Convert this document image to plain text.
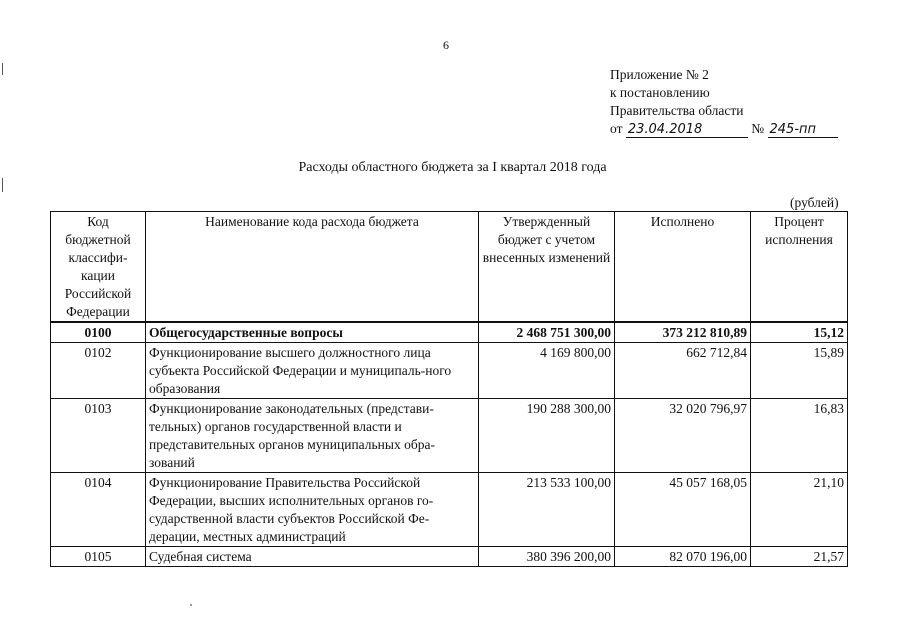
6
Приложение № 2
к постановлению
Правительства области
от 23.04.2018	№ 245-пп
Расходы областного бюджета за I квартал 2018 года
(рублей)
Код бюджетной классифи-кации Российской Федерации	Наименование кода расхода бюджета	Утвержденный бюджет с учетом внесенных изменений	Исполнено	Процент исполнения
0100	Общегосударственные вопросы	2 468 751 300,00	373 212 810,89	15,12
0102	Функционирование высшего должностного лица субъекта Российской Федерации и муниципаль-ного образования	4 169 800,00	662 712,84	15,89
0103	Функционирование законодательных (представи-тельных) органов государственной власти и представительных органов муниципальных обра-зований	190 288 300,00	32 020 796,97	16,83
0104	Функционирование Правительства Российской Федерации, высших исполнительных органов го-сударственной власти субъектов Российской Фе-дерации, местных администраций	213 533 100,00	45 057 168,05	21,10
0105	Судебная система	380 396 200,00	82 070 196,00	21,57
